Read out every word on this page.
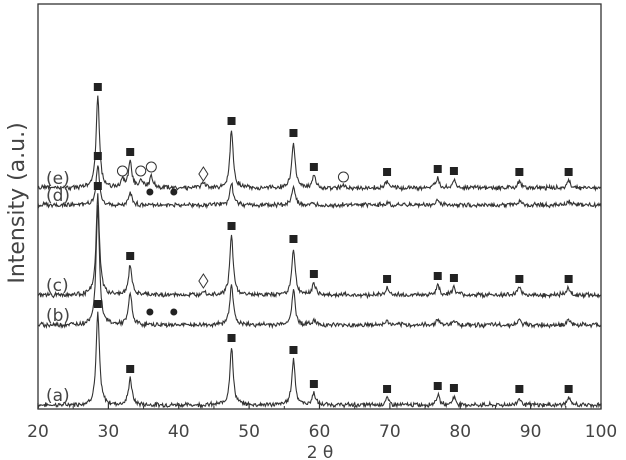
20	30	40	50	60	70	80	90	100
(a)
(b)
(c)
(d)
(e)
2 θ
Intensity (a.u.)
